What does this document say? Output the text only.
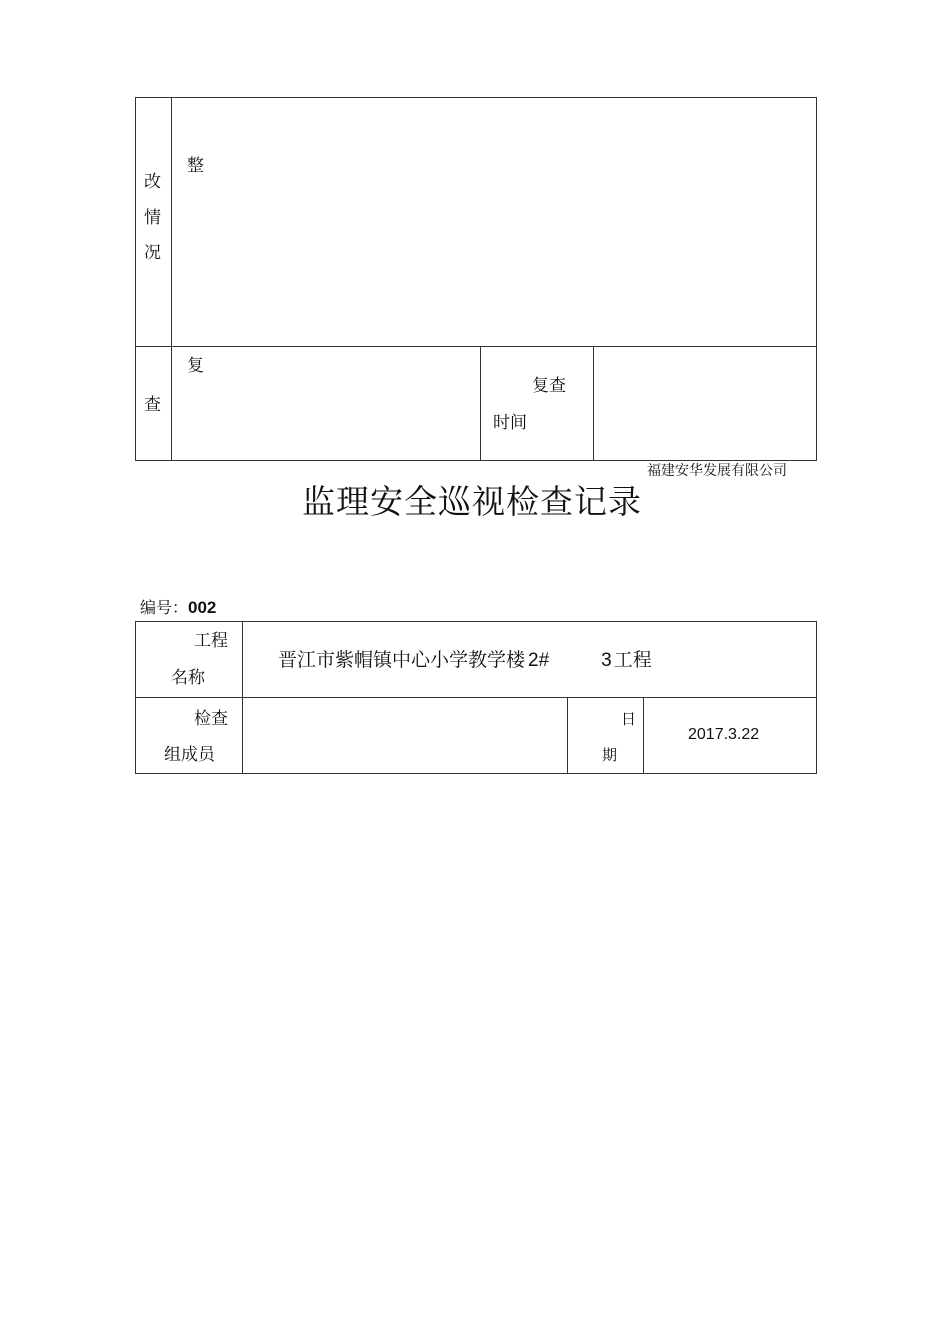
改
情
况
整
查
复
复查
时间
福建安华发展有限公司
监理安全巡视检查记录
编号：002
工程
名称
晋江市紫帽镇中心小学教学楼 2#	3 工程
检查
组成员
日
期
2017.3.22
